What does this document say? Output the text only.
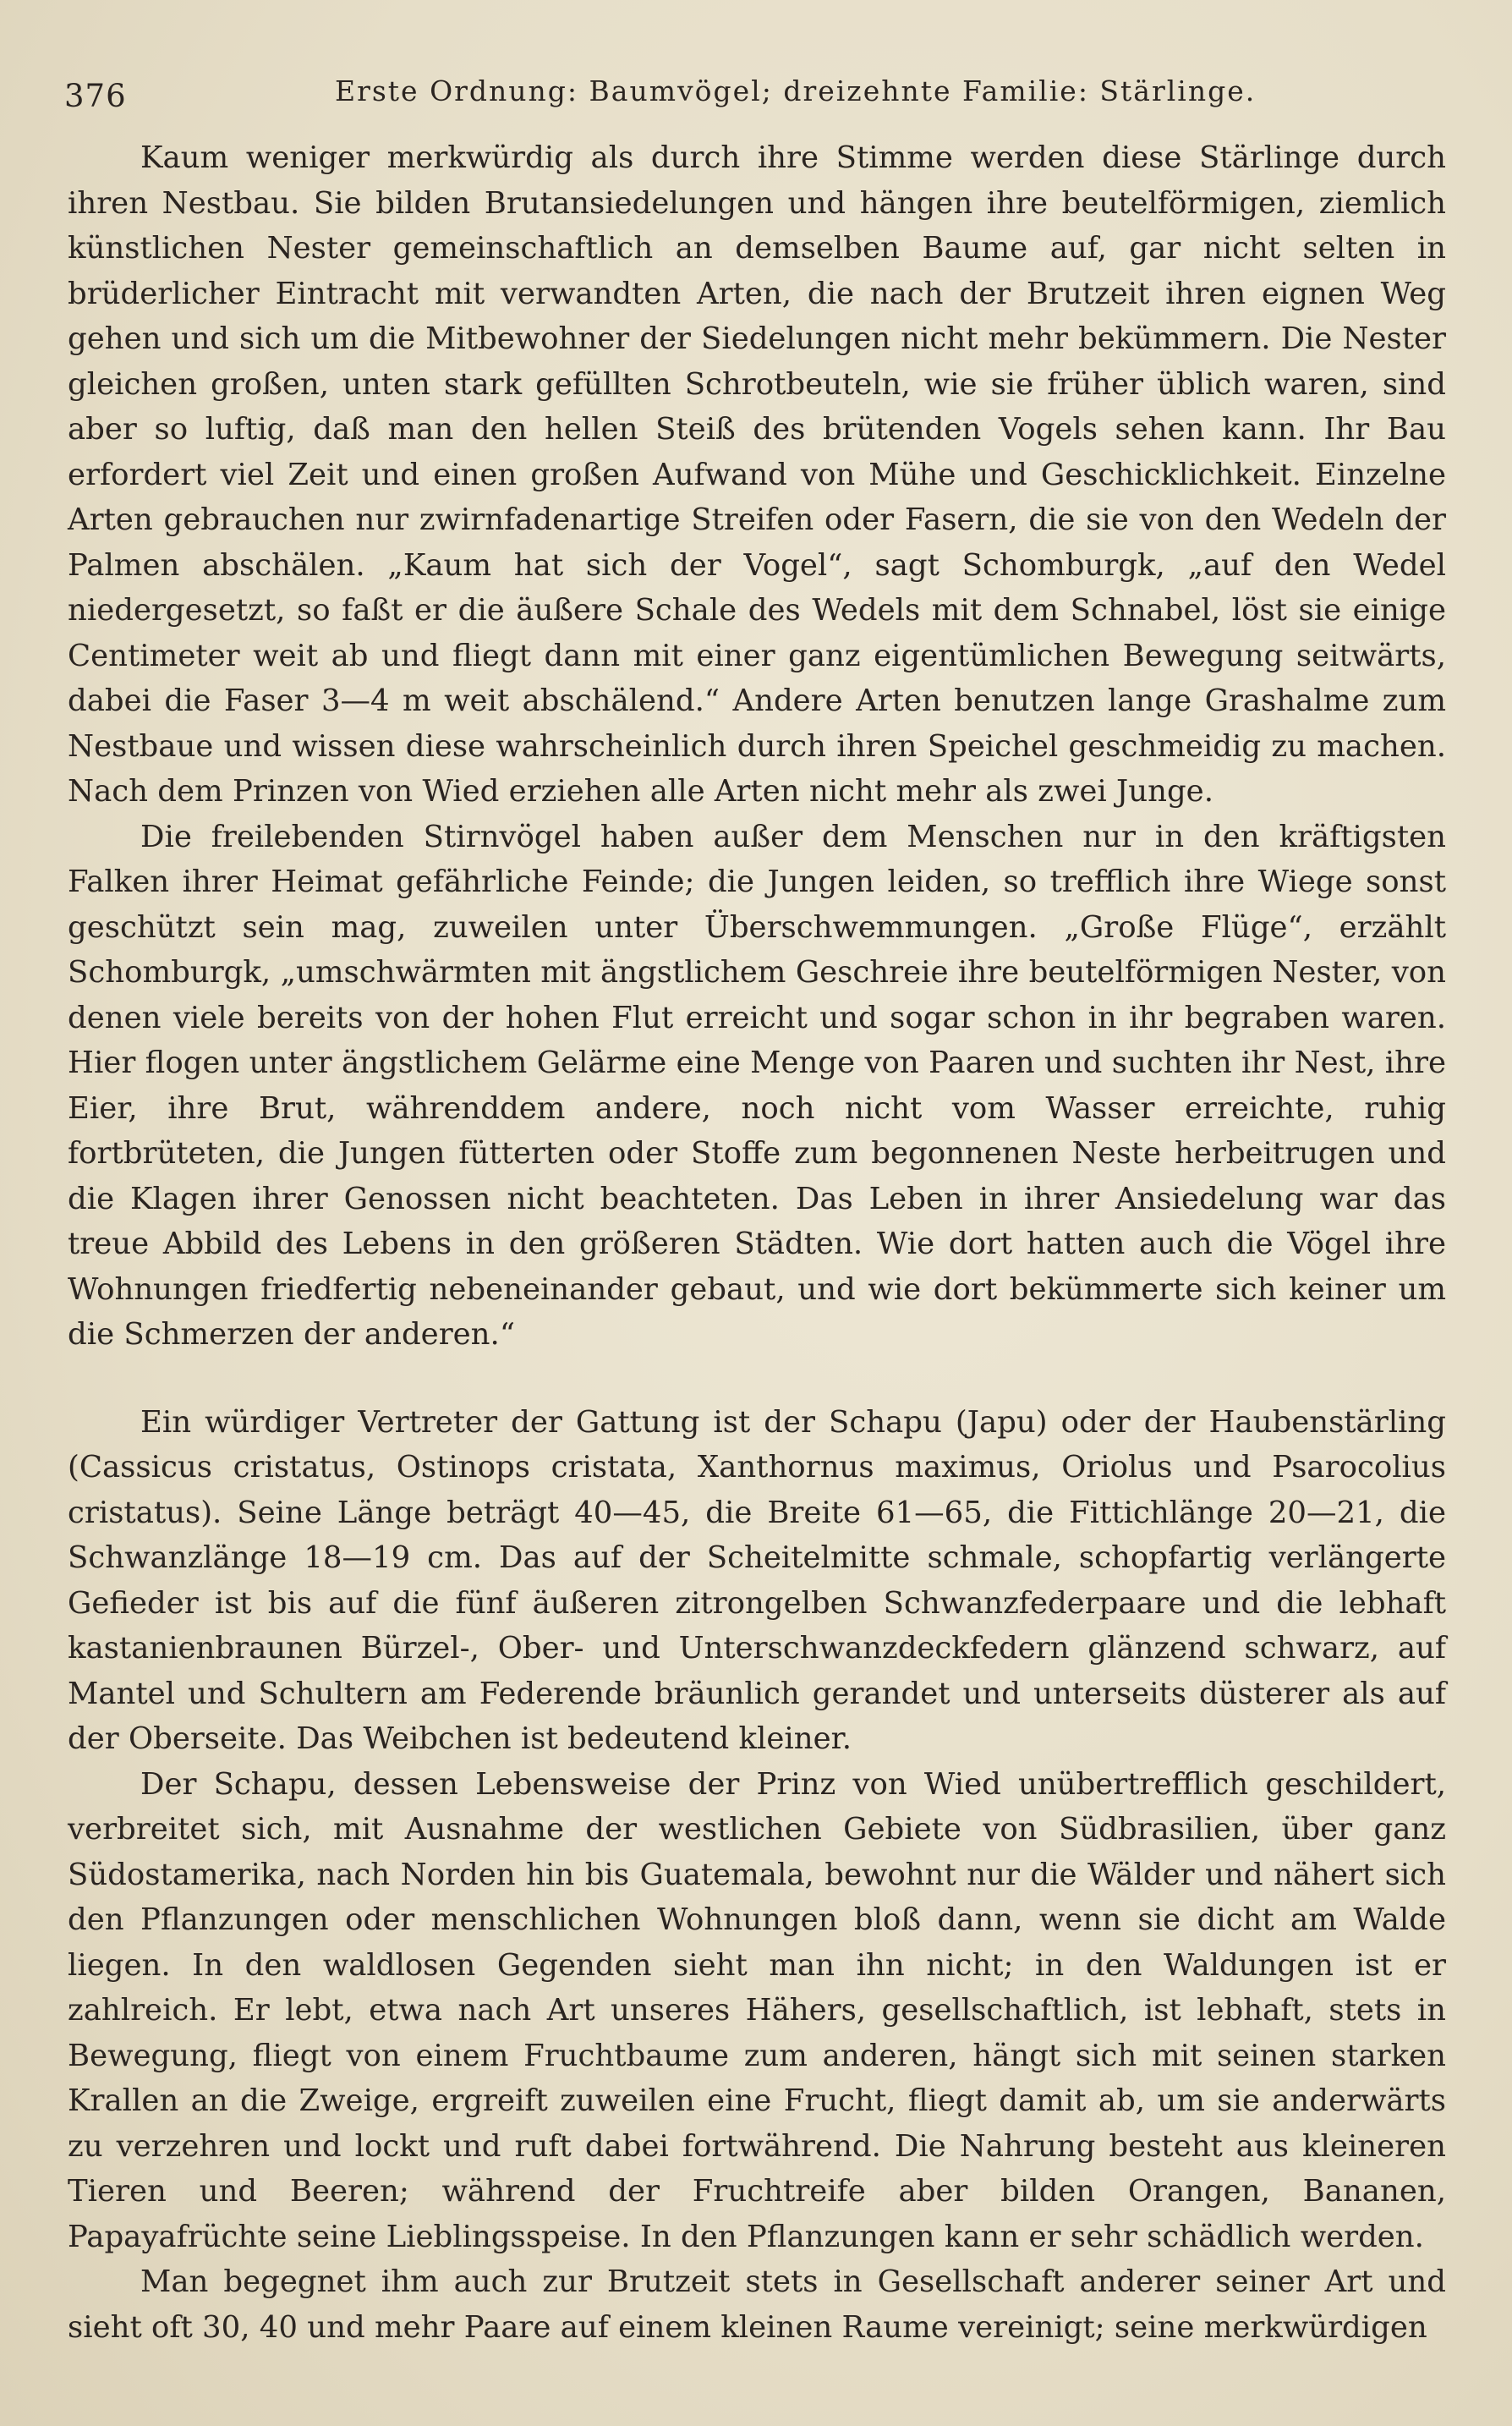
376	Erste Ordnung: Baumvögel; dreizehnte Familie: Stärlinge.

Kaum weniger merkwürdig als durch ihre Stimme werden diese Stärlinge durch ihren Nestbau. Sie bilden Brutansiedelungen und hängen ihre beutelförmigen, ziemlich künstlichen Nester gemeinschaftlich an demselben Baume auf, gar nicht selten in brüderlicher Eintracht mit verwandten Arten, die nach der Brutzeit ihren eignen Weg gehen und sich um die Mitbewohner der Siedelungen nicht mehr bekümmern. Die Nester gleichen großen, unten stark gefüllten Schrotbeuteln, wie sie früher üblich waren, sind aber so luftig, daß man den hellen Steiß des brütenden Vogels sehen kann. Ihr Bau erfordert viel Zeit und einen großen Aufwand von Mühe und Geschicklichkeit. Einzelne Arten gebrauchen nur zwirnfadenartige Streifen oder Fasern, die sie von den Wedeln der Palmen abschälen. „Kaum hat sich der Vogel“, sagt Schomburgk, „auf den Wedel niedergesetzt, so faßt er die äußere Schale des Wedels mit dem Schnabel, löst sie einige Centimeter weit ab und fliegt dann mit einer ganz eigentümlichen Bewegung seitwärts, dabei die Faser 3—4 m weit abschälend.“ Andere Arten benutzen lange Grashalme zum Nestbaue und wissen diese wahrscheinlich durch ihren Speichel geschmeidig zu machen. Nach dem Prinzen von Wied erziehen alle Arten nicht mehr als zwei Junge.

Die freilebenden Stirnvögel haben außer dem Menschen nur in den kräftigsten Falken ihrer Heimat gefährliche Feinde; die Jungen leiden, so trefflich ihre Wiege sonst geschützt sein mag, zuweilen unter Überschwemmungen. „Große Flüge“, erzählt Schomburgk, „umschwärmten mit ängstlichem Geschreie ihre beutelförmigen Nester, von denen viele bereits von der hohen Flut erreicht und sogar schon in ihr begraben waren. Hier flogen unter ängstlichem Gelärme eine Menge von Paaren und suchten ihr Nest, ihre Eier, ihre Brut, währenddem andere, noch nicht vom Wasser erreichte, ruhig fortbrüteten, die Jungen fütterten oder Stoffe zum begonnenen Neste herbeitrugen und die Klagen ihrer Genossen nicht beachteten. Das Leben in ihrer Ansiedelung war das treue Abbild des Lebens in den größeren Städten. Wie dort hatten auch die Vögel ihre Wohnungen friedfertig nebeneinander gebaut, und wie dort bekümmerte sich keiner um die Schmerzen der anderen.“

Ein würdiger Vertreter der Gattung ist der Schapu (Japu) oder der Haubenstärling (Cassicus cristatus, Ostinops cristata, Xanthornus maximus, Oriolus und Psarocolius cristatus). Seine Länge beträgt 40—45, die Breite 61—65, die Fittichlänge 20—21, die Schwanzlänge 18—19 cm. Das auf der Scheitelmitte schmale, schopfartig verlängerte Gefieder ist bis auf die fünf äußeren zitrongelben Schwanzfederpaare und die lebhaft kastanienbraunen Bürzel-, Ober- und Unterschwanzdeckfedern glänzend schwarz, auf Mantel und Schultern am Federende bräunlich gerandet und unterseits düsterer als auf der Oberseite. Das Weibchen ist bedeutend kleiner.

Der Schapu, dessen Lebensweise der Prinz von Wied unübertrefflich geschildert, verbreitet sich, mit Ausnahme der westlichen Gebiete von Südbrasilien, über ganz Südostamerika, nach Norden hin bis Guatemala, bewohnt nur die Wälder und nähert sich den Pflanzungen oder menschlichen Wohnungen bloß dann, wenn sie dicht am Walde liegen. In den waldlosen Gegenden sieht man ihn nicht; in den Waldungen ist er zahlreich. Er lebt, etwa nach Art unseres Hähers, gesellschaftlich, ist lebhaft, stets in Bewegung, fliegt von einem Fruchtbaume zum anderen, hängt sich mit seinen starken Krallen an die Zweige, ergreift zuweilen eine Frucht, fliegt damit ab, um sie anderwärts zu verzehren und lockt und ruft dabei fortwährend. Die Nahrung besteht aus kleineren Tieren und Beeren; während der Fruchtreife aber bilden Orangen, Bananen, Papayafrüchte seine Lieblingsspeise. In den Pflanzungen kann er sehr schädlich werden.

Man begegnet ihm auch zur Brutzeit stets in Gesellschaft anderer seiner Art und sieht oft 30, 40 und mehr Paare auf einem kleinen Raume vereinigt; seine merkwürdigen
